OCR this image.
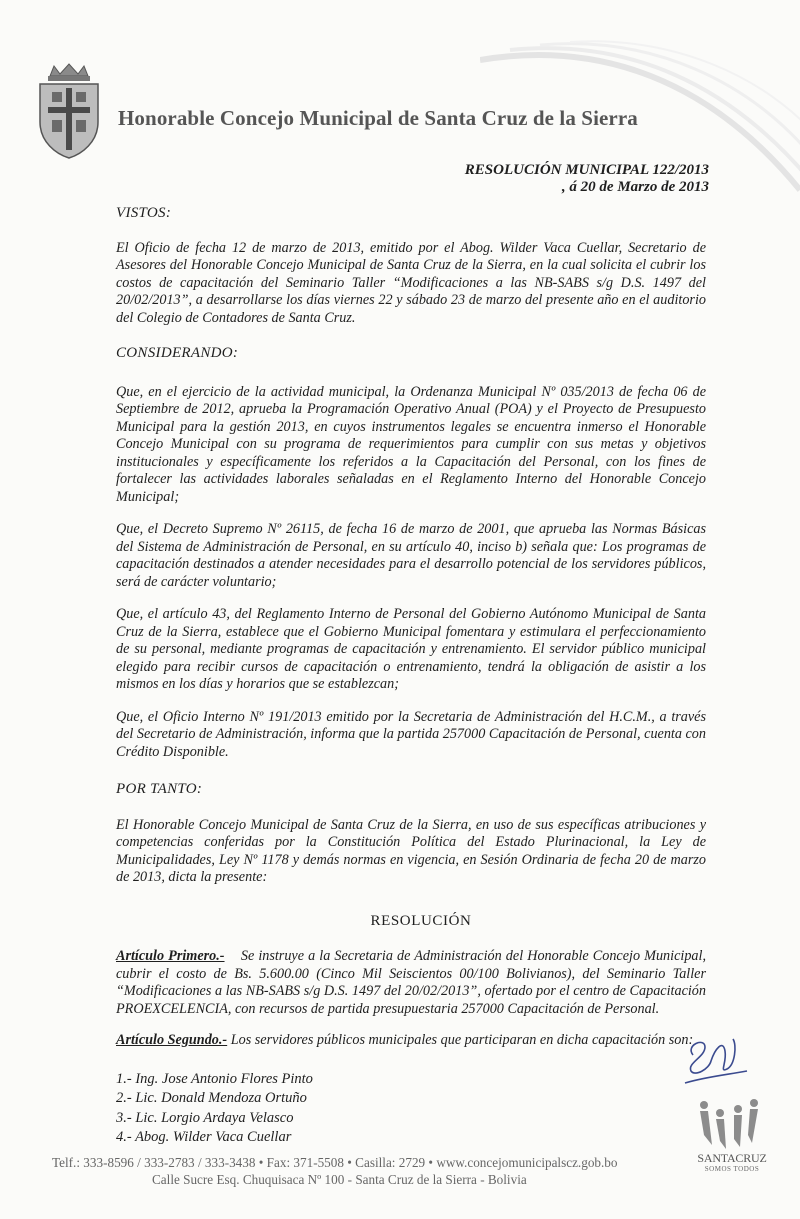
Honorable Concejo Municipal de Santa Cruz de la Sierra
RESOLUCIÓN MUNICIPAL 122/2013
, á 20 de Marzo de 2013

VISTOS:

El Oficio de fecha 12 de marzo de 2013, emitido por el Abog. Wilder Vaca Cuellar, Secretario de Asesores del Honorable Concejo Municipal de Santa Cruz de la Sierra, en la cual solicita el cubrir los costos de capacitación del Seminario Taller “Modificaciones a las NB-SABS s/g D.S. 1497 del 20/02/2013”, a desarrollarse los días viernes 22 y sábado 23 de marzo del presente año en el auditorio del Colegio de Contadores de Santa Cruz.

CONSIDERANDO:

Que, en el ejercicio de la actividad municipal, la Ordenanza Municipal Nº 035/2013 de fecha 06 de Septiembre de 2012, aprueba la Programación Operativo Anual (POA) y el Proyecto de Presupuesto Municipal para la gestión 2013, en cuyos instrumentos legales se encuentra inmerso el Honorable Concejo Municipal con su programa de requerimientos para cumplir con sus metas y objetivos institucionales y específicamente los referidos a la Capacitación del Personal, con los fines de fortalecer las actividades laborales señaladas en el Reglamento Interno del Honorable Concejo Municipal;

Que, el Decreto Supremo Nº 26115, de fecha 16 de marzo de 2001, que aprueba las Normas Básicas del Sistema de Administración de Personal, en su artículo 40, inciso b) señala que: Los programas de capacitación destinados a atender necesidades para el desarrollo potencial de los servidores públicos, será de carácter voluntario;

Que, el artículo 43, del Reglamento Interno de Personal del Gobierno Autónomo Municipal de Santa Cruz de la Sierra, establece que el Gobierno Municipal fomentara y estimulara el perfeccionamiento de su personal, mediante programas de capacitación y entrenamiento. El servidor público municipal elegido para recibir cursos de capacitación o entrenamiento, tendrá la obligación de asistir a los mismos en los días y horarios que se establezcan;

Que, el Oficio Interno Nº 191/2013 emitido por la Secretaria de Administración del H.C.M., a través del Secretario de Administración, informa que la partida 257000 Capacitación de Personal, cuenta con Crédito Disponible.

POR TANTO:

El Honorable Concejo Municipal de Santa Cruz de la Sierra, en uso de sus específicas atribuciones y competencias conferidas por la Constitución Política del Estado Plurinacional, la Ley de Municipalidades, Ley Nº 1178 y demás normas en vigencia, en Sesión Ordinaria de fecha 20 de marzo de 2013, dicta la presente:

RESOLUCIÓN

Artículo Primero.- Se instruye a la Secretaria de Administración del Honorable Concejo Municipal, cubrir el costo de Bs. 5.600.00 (Cinco Mil Seiscientos 00/100 Bolivianos), del Seminario Taller “Modificaciones a las NB-SABS s/g D.S. 1497 del 20/02/2013”, ofertado por el centro de Capacitación PROEXCELENCIA, con recursos de partida presupuestaria 257000 Capacitación de Personal.

Artículo Segundo.- Los servidores públicos municipales que participaran en dicha capacitación son:

1.- Ing. Jose Antonio Flores Pinto
2.- Lic. Donald Mendoza Ortuño
3.- Lic. Lorgio Ardaya Velasco
4.- Abog. Wilder Vaca Cuellar
SANTACRUZ
SOMOS TODOS
Telf.: 333-8596 / 333-2783 / 333-3438 • Fax: 371-5508 • Casilla: 2729 • www.concejomunicipalscz.gob.bo
Calle Sucre Esq. Chuquisaca Nº 100 - Santa Cruz de la Sierra - Bolivia
